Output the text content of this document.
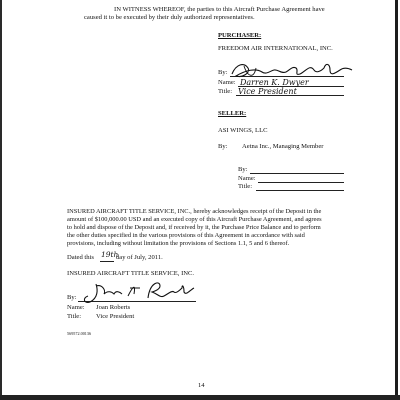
IN WITNESS WHEREOF, the parties to this Aircraft Purchase Agreement have
caused it to be executed by their duly authorized representatives.
PURCHASER:
FREEDOM AIR INTERNATIONAL, INC.
By:
Name: Darren K. Dwyer
Title: Vice President
SELLER:
ASI WINGS, LLC
By: Aetna Inc., Managing Member
By:
Name:
Title:
INSURED AIRCRAFT TITLE SERVICE, INC., hereby acknowledges receipt of the Deposit in the
amount of $100,000.00 USD and an executed copy of this Aircraft Purchase Agreement, and agrees
to hold and dispose of the Deposit and, if received by it, the Purchase Price Balance and to perform
the other duties specified in the various provisions of this Agreement in accordance with said
provisions, including without limitation the provisions of Sections 1.1, 5 and 6 thereof.
Dated this 19th
day of July, 2011.
INSURED AIRCRAFT TITLE SERVICE, INC.
By:
Name: Joan Roberts
Title: Vice President
569572.00136
14
